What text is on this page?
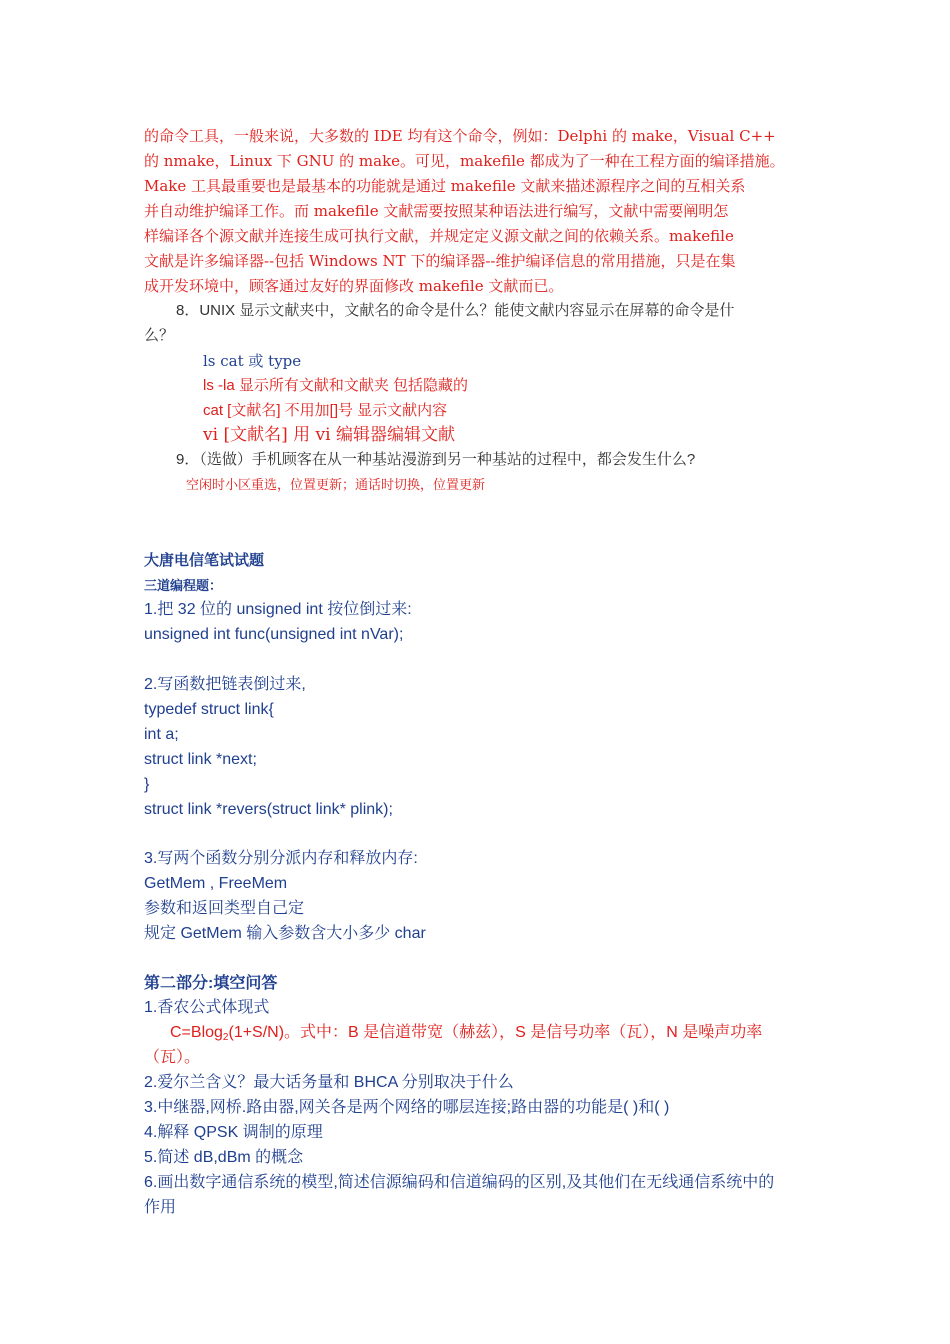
的命令工具，一般来说，大多数的 IDE 均有这个命令，例如：Delphi 的 make，Visual C++
的 nmake，Linux 下 GNU 的 make。可见，makefile 都成为了一种在工程方面的编译措施。
Make 工具最重要也是最基本的功能就是通过 makefile 文献来描述源程序之间的互相关系
并自动维护编译工作。而 makefile 文献需要按照某种语法进行编写，文献中需要阐明怎
样编译各个源文献并连接生成可执行文献，并规定定义源文献之间的依赖关系。makefile
文献是许多编译器--包括 Windows NT 下的编译器--维护编译信息的常用措施，只是在集
成开发环境中，顾客通过友好的界面修改 makefile 文献而已。
8．UNIX 显示文献夹中，文献名的命令是什么？能使文献内容显示在屏幕的命令是什
么？
ls cat 或 type
ls -la 显示所有文献和文献夹 包括隐藏的
cat [文献名] 不用加[]号 显示文献内容
vi [文献名] 用 vi 编辑器编辑文献
9．（选做）手机顾客在从一种基站漫游到另一种基站的过程中，都会发生什么?
空闲时小区重选，位置更新；通话时切换，位置更新
大唐电信笔试试题
三道编程题：
1.把 32 位的 unsigned int 按位倒过来:
unsigned int func(unsigned int nVar);
2.写函数把链表倒过来,
typedef struct link{
int a;
struct link *next;
}
struct link *revers(struct link* plink);
3.写两个函数分别分派内存和释放内存:
GetMem , FreeMem
参数和返回类型自己定
规定 GetMem 输入参数含大小多少 char
第二部分:填空问答
1.香农公式体现式
C=Blog$_2$(1+S/N)。式中：B 是信道带宽（赫兹），S 是信号功率（瓦），N 是噪声功率
（瓦）。
2.爱尔兰含义？最大话务量和 BHCA 分别取决于什么
3.中继器,网桥.路由器,网关各是两个网络的哪层连接;路由器的功能是( )和( )
4.解释 QPSK 调制的原理
5.简述 dB,dBm 的概念
6.画出数字通信系统的模型,简述信源编码和信道编码的区别,及其他们在无线通信系统中的
作用
